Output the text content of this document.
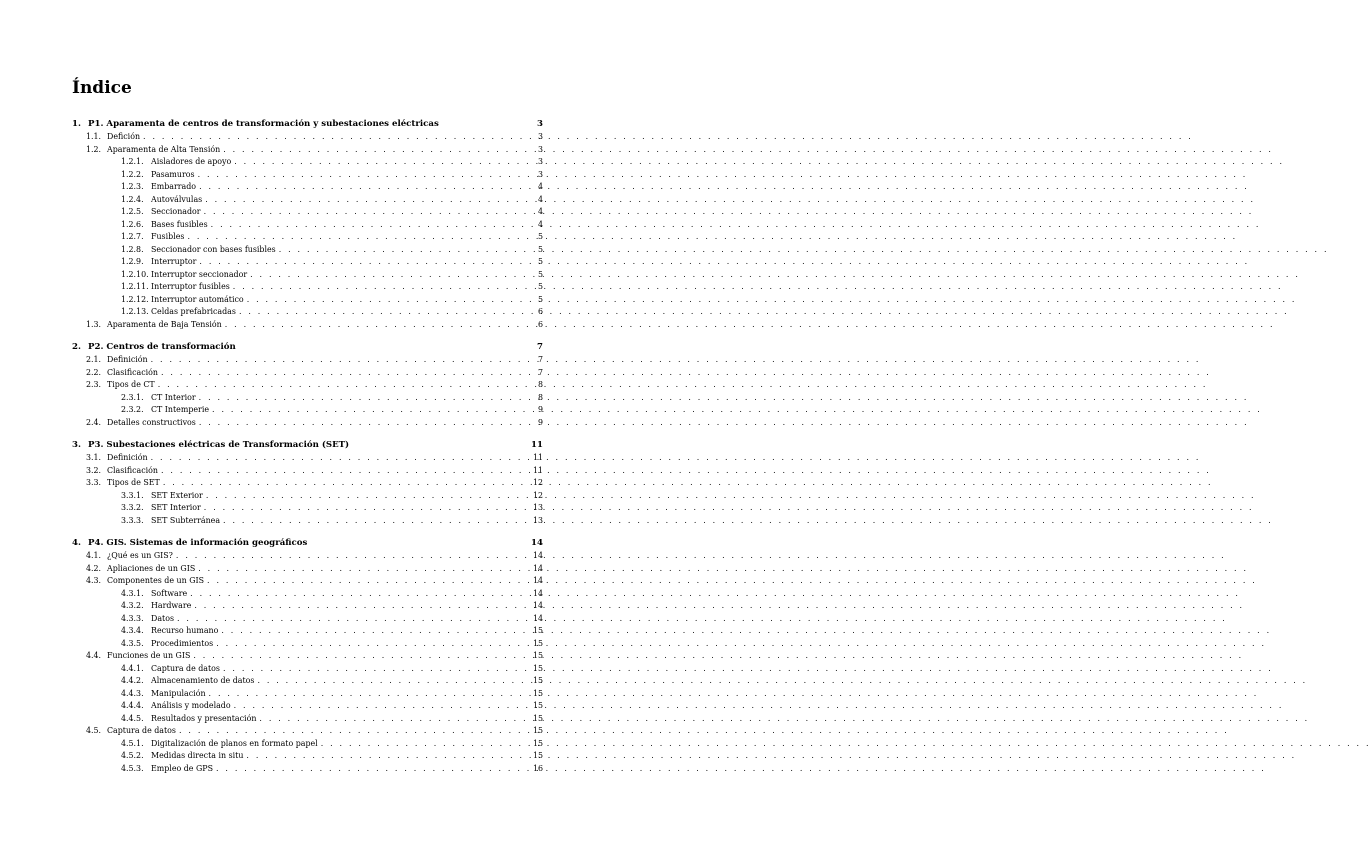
Índice
1. P1. Aparamenta de centros de transformación y subestaciones eléctricas	3
1.1. Defición . . .	3
1.2. Aparamenta de Alta Tensión . . .	3
1.2.1. Aisladores de apoyo . . .	3
1.2.2. Pasamuros . . .	3
1.2.3. Embarrado . . .	4
1.2.4. Autoválvulas . . .	4
1.2.5. Seccionador . . .	4
1.2.6. Bases fusibles . . .	4
1.2.7. Fusibles . . .	5
1.2.8. Seccionador con bases fusibles . . .	5
1.2.9. Interruptor . . .	5
1.2.10. Interruptor seccionador . . .	5
1.2.11. Interruptor fusibles . . .	5
1.2.12. Interruptor automático . . .	5
1.2.13. Celdas prefabricadas . . .	6
1.3. Aparamenta de Baja Tensión . . .	6
2. P2. Centros de transformación	7
2.1. Definición . . .	7
2.2. Clasificación . . .	7
2.3. Tipos de CT . . .	8
2.3.1. CT Interior . . .	8
2.3.2. CT Intemperie . . .	9
2.4. Detalles constructivos . . .	9
3. P3. Subestaciones eléctricas de Transformación (SET)	11
3.1. Definición . . .	11
3.2. Clasificación . . .	11
3.3. Tipos de SET . . .	12
3.3.1. SET Exterior . . .	12
3.3.2. SET Interior . . .	13
3.3.3. SET Subterránea . . .	13
4. P4. GIS. Sistemas de información geográficos	14
4.1. ¿Qué es un GIS? . . .	14
4.2. Apliaciones de un GIS . . .	14
4.3. Componentes de un GIS . . .	14
4.3.1. Software . . .	14
4.3.2. Hardware . . .	14
4.3.3. Datos . . .	14
4.3.4. Recurso humano . . .	15
4.3.5. Procedimientos . . .	15
4.4. Funciones de un GIS . . .	15
4.4.1. Captura de datos . . .	15
4.4.2. Almacenamiento de datos . . .	15
4.4.3. Manipulación . . .	15
4.4.4. Análisis y modelado . . .	15
4.4.5. Resultados y presentación . . .	15
4.5. Captura de datos . . .	15
4.5.1. Digitalización de planos en formato papel . . .	15
4.5.2. Medidas directa in situ . . .	15
4.5.3. Empleo de GPS . . .	16
